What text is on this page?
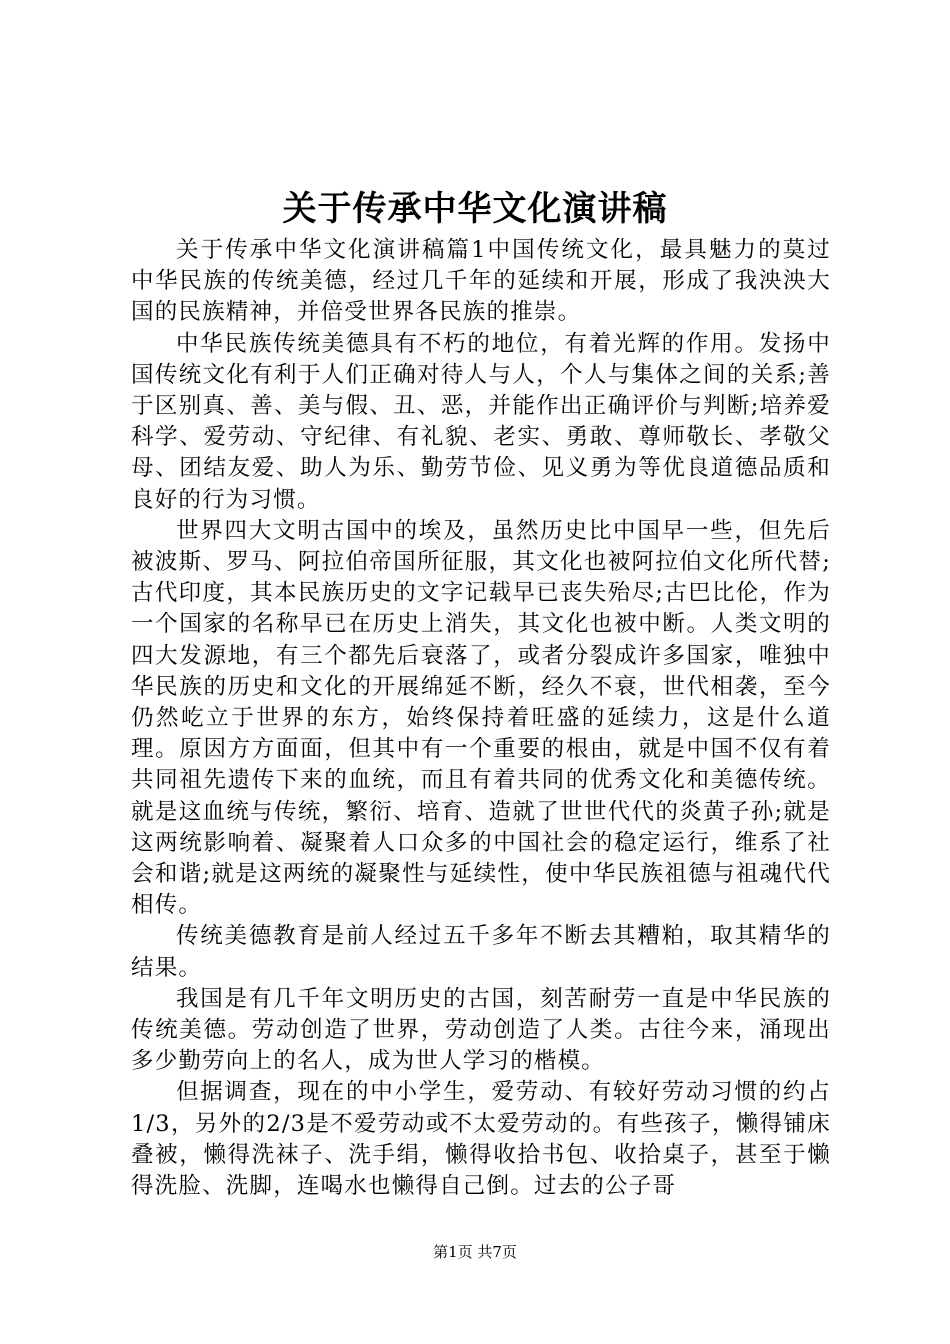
关于传承中华文化演讲稿

关于传承中华文化演讲稿篇1中国传统文化，最具魅力的莫过中华民族的传统美德，经过几千年的延续和开展，形成了我泱泱大国的民族精神，并倍受世界各民族的推崇。

中华民族传统美德具有不朽的地位，有着光辉的作用。发扬中国传统文化有利于人们正确对待人与人，个人与集体之间的关系;善于区别真、善、美与假、丑、恶，并能作出正确评价与判断;培养爱科学、爱劳动、守纪律、有礼貌、老实、勇敢、尊师敬长、孝敬父母、团结友爱、助人为乐、勤劳节俭、见义勇为等优良道德品质和良好的行为习惯。

世界四大文明古国中的埃及，虽然历史比中国早一些，但先后被波斯、罗马、阿拉伯帝国所征服，其文化也被阿拉伯文化所代替;古代印度，其本民族历史的文字记载早已丧失殆尽;古巴比伦，作为一个国家的名称早已在历史上消失，其文化也被中断。人类文明的四大发源地，有三个都先后衰落了，或者分裂成许多国家，唯独中华民族的历史和文化的开展绵延不断，经久不衰，世代相袭，至今仍然屹立于世界的东方，始终保持着旺盛的延续力，这是什么道理。原因方方面面，但其中有一个重要的根由，就是中国不仅有着共同祖先遗传下来的血统，而且有着共同的优秀文化和美德传统。就是这血统与传统，繁衍、培育、造就了世世代代的炎黄子孙;就是这两统影响着、凝聚着人口众多的中国社会的稳定运行，维系了社会和谐;就是这两统的凝聚性与延续性，使中华民族祖德与祖魂代代相传。

传统美德教育是前人经过五千多年不断去其糟粕，取其精华的结果。

我国是有几千年文明历史的古国，刻苦耐劳一直是中华民族的传统美德。劳动创造了世界，劳动创造了人类。古往今来，涌现出多少勤劳向上的名人，成为世人学习的楷模。

但据调查，现在的中小学生，爱劳动、有较好劳动习惯的约占1/3，另外的2/3是不爱劳动或不太爱劳动的。有些孩子，懒得铺床叠被，懒得洗袜子、洗手绢，懒得收拾书包、收拾桌子，甚至于懒得洗脸、洗脚，连喝水也懒得自己倒。过去的公子哥

第1页 共7页
